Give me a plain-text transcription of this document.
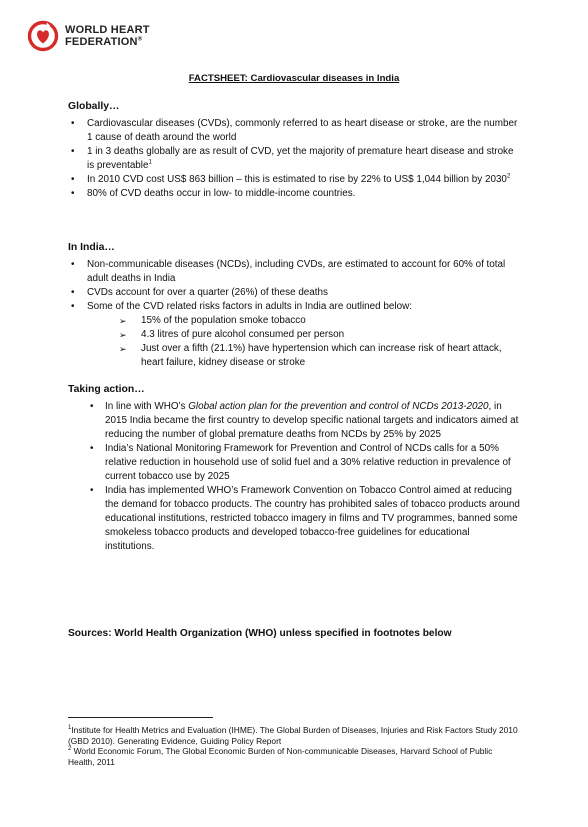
WORLD HEART
FEDERATION®
FACTSHEET: Cardiovascular diseases in India
Globally…
• Cardiovascular diseases (CVDs), commonly referred to as heart disease or stroke, are the number 1 cause of death around the world
• 1 in 3 deaths globally are as result of CVD, yet the majority of premature heart disease and stroke is preventable$^1$
• In 2010 CVD cost US$ 863 billion – this is estimated to rise by 22% to US$ 1,044 billion by 2030$^2$
• 80% of CVD deaths occur in low- to middle-income countries.
In India…
• Non-communicable diseases (NCDs), including CVDs, are estimated to account for 60% of total adult deaths in India
• CVDs account for over a quarter (26%) of these deaths
• Some of the CVD related risks factors in adults in India are outlined below:
➢ 15% of the population smoke tobacco
➢ 4.3 litres of pure alcohol consumed per person
➢ Just over a fifth (21.1%) have hypertension which can increase risk of heart attack, heart failure, kidney disease or stroke
Taking action…
• In line with WHO’s Global action plan for the prevention and control of NCDs 2013-2020, in 2015 India became the first country to develop specific national targets and indicators aimed at reducing the number of global premature deaths from NCDs by 25% by 2025
• India’s National Monitoring Framework for Prevention and Control of NCDs calls for a 50% relative reduction in household use of solid fuel and a 30% relative reduction in prevalence of current tobacco use by 2025
• India has implemented WHO’s Framework Convention on Tobacco Control aimed at reducing the demand for tobacco products. The country has prohibited sales of tobacco products around educational institutions, restricted tobacco imagery in films and TV programmes, banned some smokeless tobacco products and developed tobacco-free guidelines for educational institutions.
Sources: World Health Organization (WHO) unless specified in footnotes below
$^1$Institute for Health Metrics and Evaluation (IHME). The Global Burden of Diseases, Injuries and Risk Factors Study 2010 (GBD 2010). Generating Evidence, Guiding Policy Report
$^2$ World Economic Forum, The Global Economic Burden of Non-communicable Diseases, Harvard School of Public Health, 2011
